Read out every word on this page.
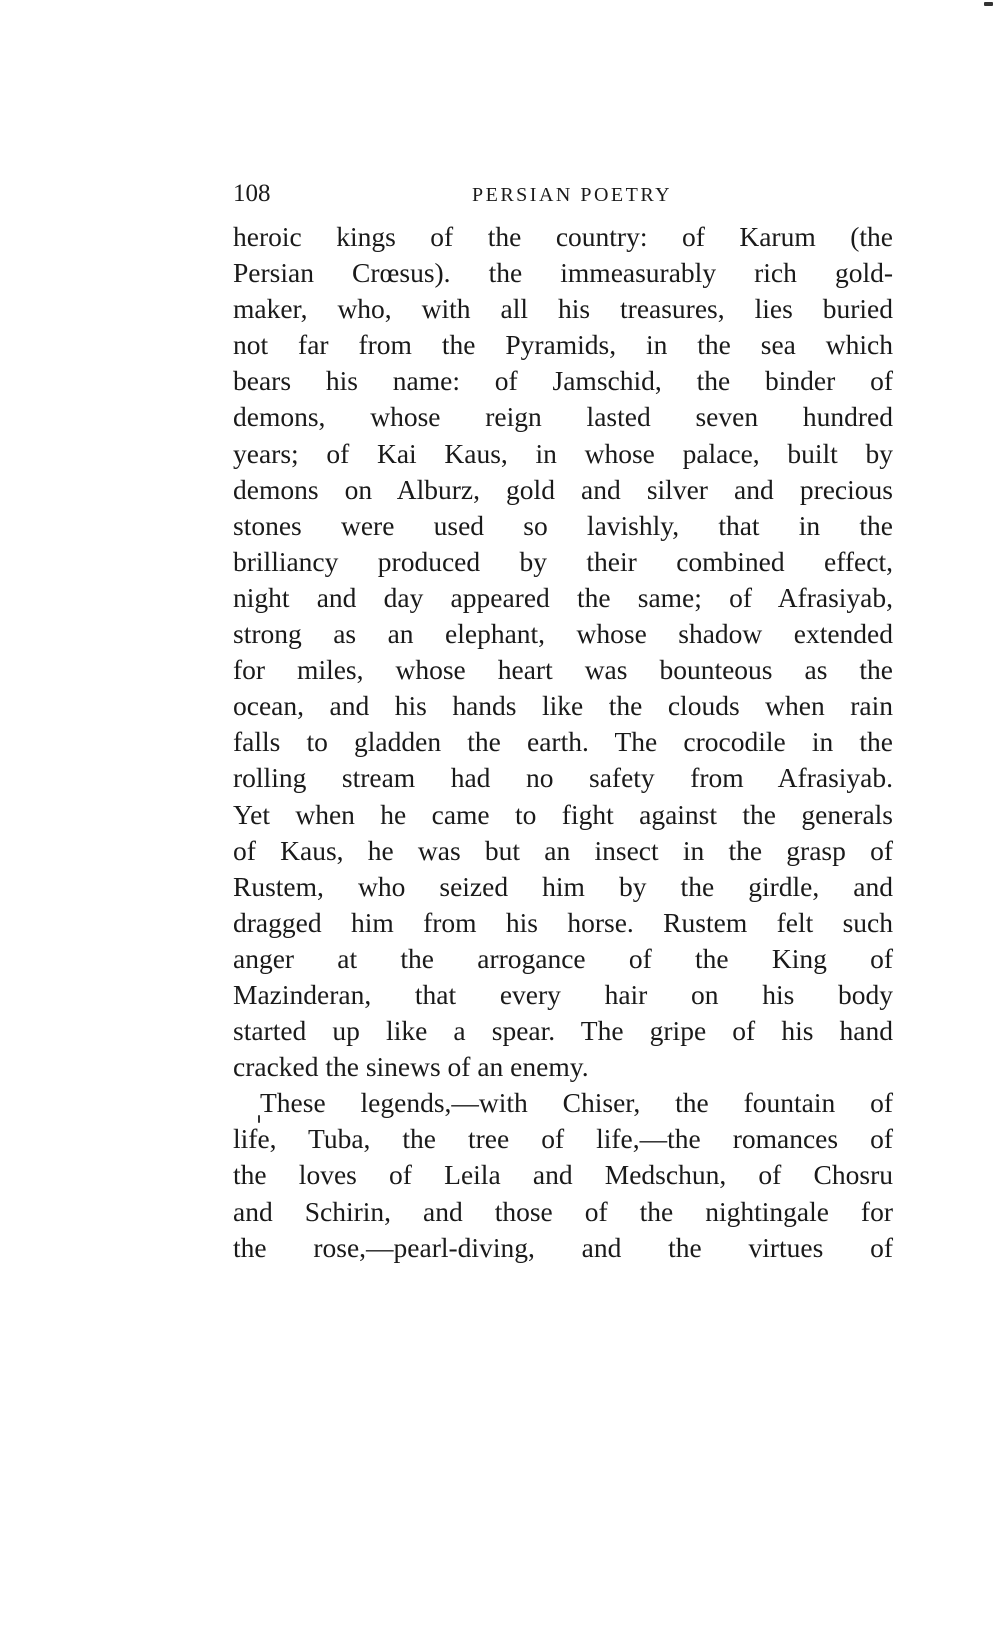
108	PERSIAN POETRY
heroic kings of the country: of Karum (the
Persian Crœsus). the immeasurably rich gold-
maker, who, with all his treasures, lies buried
not far from the Pyramids, in the sea which
bears his name: of Jamschid, the binder of
demons, whose reign lasted seven hundred
years; of Kai Kaus, in whose palace, built by
demons on Alburz, gold and silver and precious
stones were used so lavishly, that in the
brilliancy produced by their combined effect,
night and day appeared the same; of Afrasiyab,
strong as an elephant, whose shadow extended
for miles, whose heart was bounteous as the
ocean, and his hands like the clouds when rain
falls to gladden the earth. The crocodile in the
rolling stream had no safety from Afrasiyab.
Yet when he came to fight against the generals
of Kaus, he was but an insect in the grasp of
Rustem, who seized him by the girdle, and
dragged him from his horse. Rustem felt such
anger at the arrogance of the King of
Mazinderan, that every hair on his body
started up like a spear. The gripe of his hand
cracked the sinews of an enemy.
These legends,—with Chiser, the fountain of
life, Tuba, the tree of life,—the romances of
the loves of Leila and Medschun, of Chosru
and Schirin, and those of the nightingale for
the rose,—pearl-diving, and the virtues of
